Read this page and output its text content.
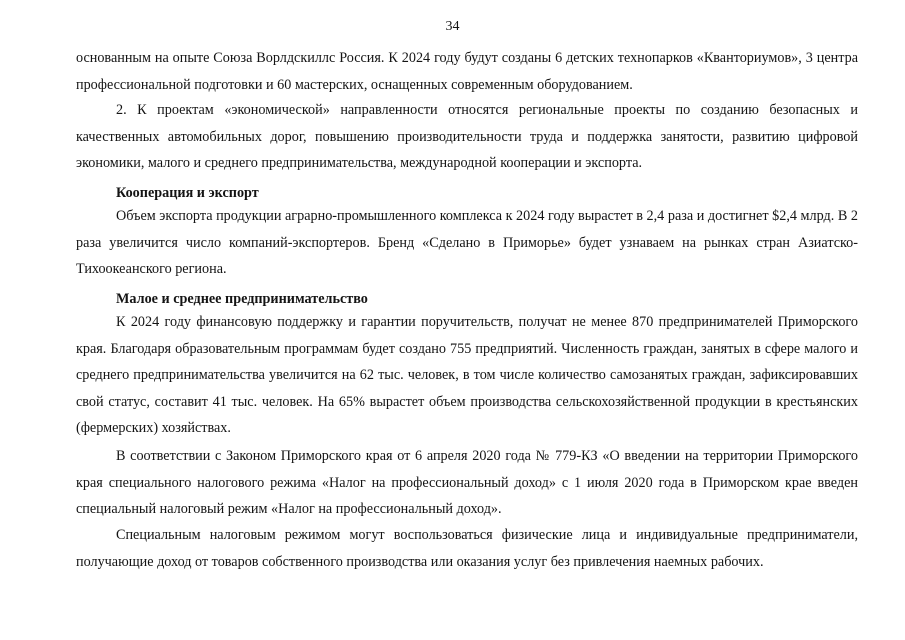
34

основанным на опыте Союза Ворлдскиллс Россия. К 2024 году будут созданы 6 детских технопарков «Кванториумов», 3 центра профессиональной подготовки и 60 мастерских, оснащенных современным оборудованием.

2. К проектам «экономической» направленности относятся региональные проекты по созданию безопасных и качественных автомобильных дорог, повышению производительности труда и поддержка занятости, развитию цифровой экономики, малого и среднего предпринимательства, международной кооперации и экспорта.

Кооперация и экспорт

Объем экспорта продукции аграрно-промышленного комплекса к 2024 году вырастет в 2,4 раза и достигнет $2,4 млрд. В 2 раза увеличится число компаний-экспортеров. Бренд «Сделано в Приморье» будет узнаваем на рынках стран Азиатско-Тихоокеанского региона.

Малое и среднее предпринимательство

К 2024 году финансовую поддержку и гарантии поручительств, получат не менее 870 предпринимателей Приморского края. Благодаря образовательным программам будет создано 755 предприятий. Численность граждан, занятых в сфере малого и среднего предпринимательства увеличится на 62 тыс. человек, в том числе количество самозанятых граждан, зафиксировавших свой статус, составит 41 тыс. человек. На 65% вырастет объем производства сельскохозяйственной продукции в крестьянских (фермерских) хозяйствах.

В соответствии с Законом Приморского края от 6 апреля 2020 года № 779-КЗ «О введении на территории Приморского края специального налогового режима «Налог на профессиональный доход» с 1 июля 2020 года в Приморском крае введен специальный налоговый режим «Налог на профессиональный доход».

Специальным налоговым режимом могут воспользоваться физические лица и индивидуальные предприниматели, получающие доход от товаров собственного производства или оказания услуг без привлечения наемных рабочих.
